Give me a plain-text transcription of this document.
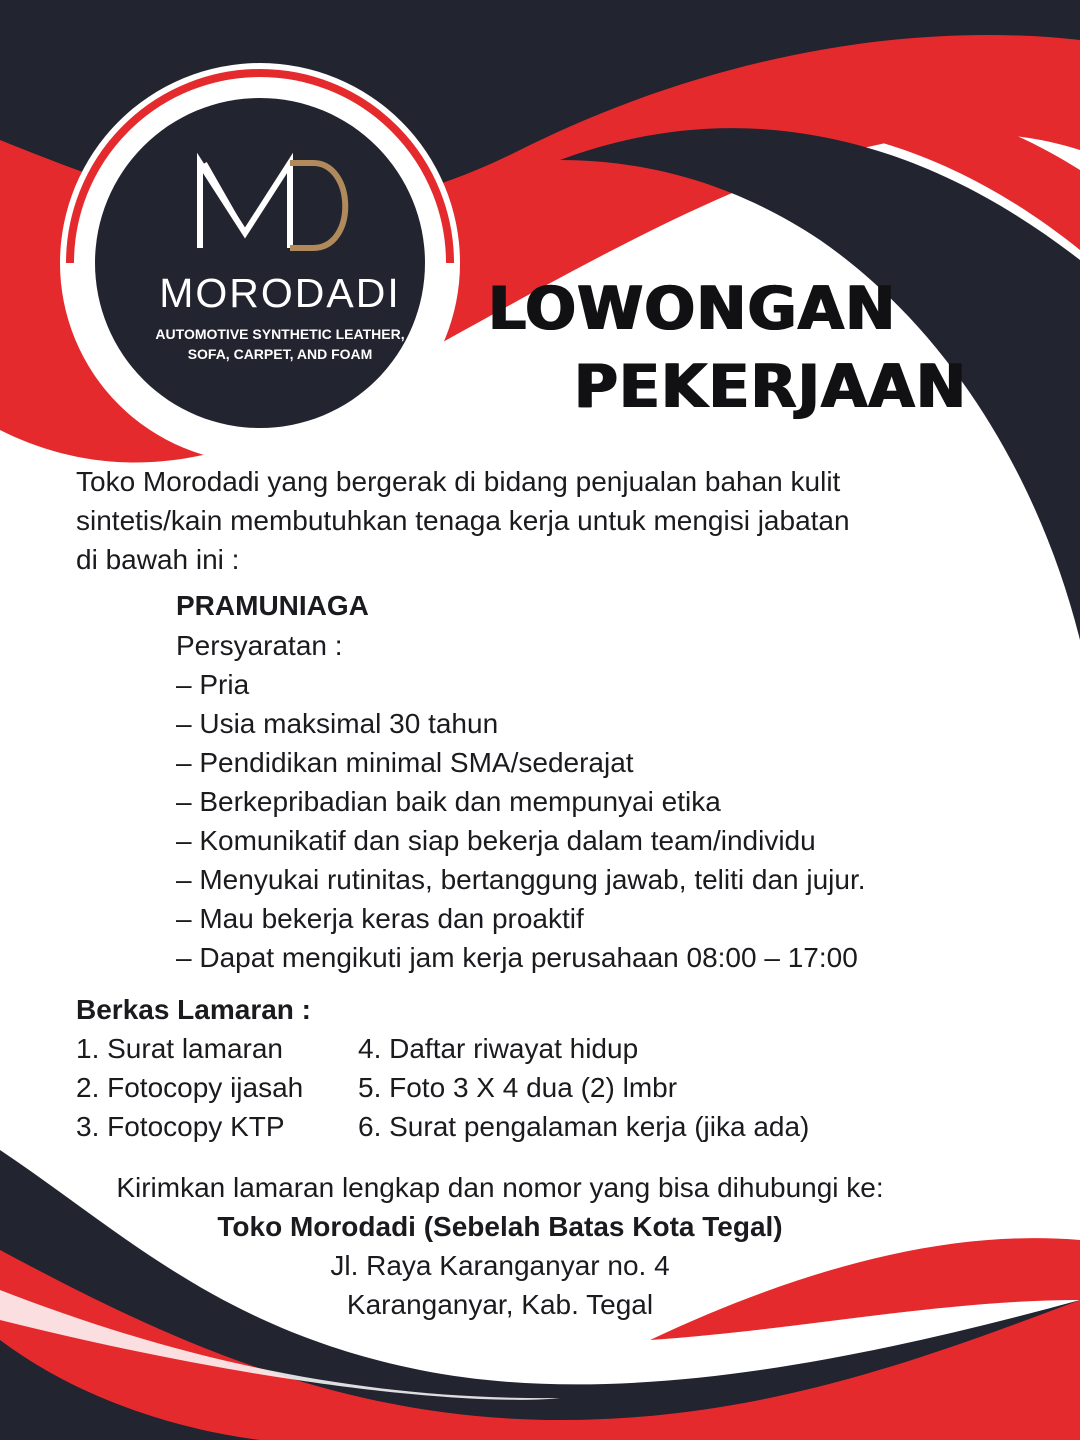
MORODADI
AUTOMOTIVE SYNTHETIC LEATHER,
SOFA, CARPET, AND FOAM
LOWONGAN
PEKERJAAN
Toko Morodadi yang bergerak di bidang penjualan bahan kulit
sintetis/kain membutuhkan tenaga kerja untuk mengisi jabatan
di bawah ini :
PRAMUNIAGA
Persyaratan :
– Pria
– Usia maksimal 30 tahun
– Pendidikan minimal SMA/sederajat
– Berkepribadian baik dan mempunyai etika
– Komunikatif dan siap bekerja dalam team/individu
– Menyukai rutinitas, bertanggung jawab, teliti dan jujur.
– Mau bekerja keras dan proaktif
– Dapat mengikuti jam kerja perusahaan 08:00 – 17:00
Berkas Lamaran :
1. Surat lamaran
2. Fotocopy ijasah
3. Fotocopy KTP
4. Daftar riwayat hidup
5. Foto 3 X 4 dua (2) lmbr
6. Surat pengalaman kerja (jika ada)
Kirimkan lamaran lengkap dan nomor yang bisa dihubungi ke:
Toko Morodadi (Sebelah Batas Kota Tegal)
Jl. Raya Karanganyar no. 4
Karanganyar, Kab. Tegal
